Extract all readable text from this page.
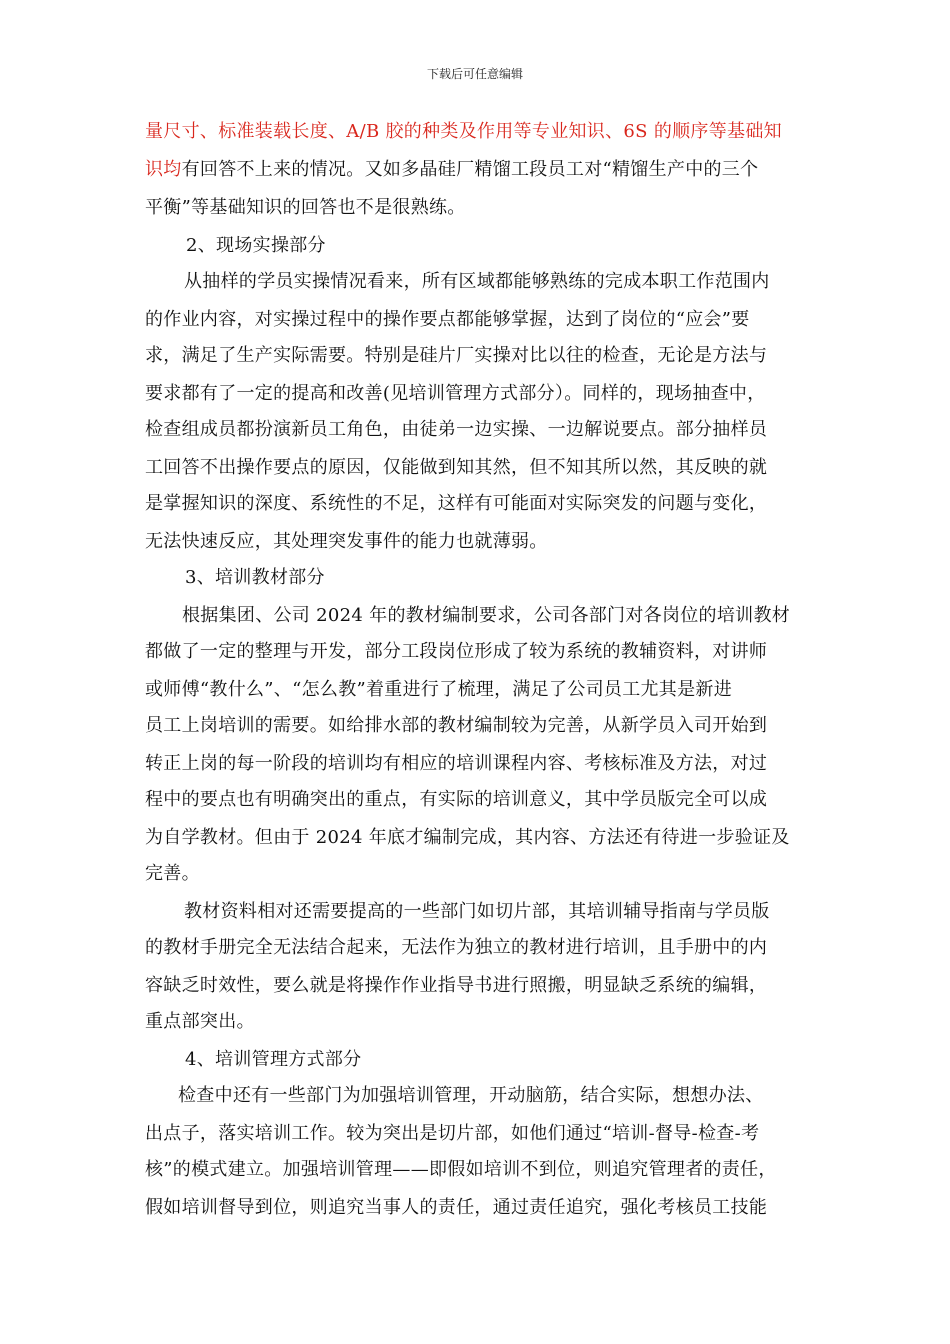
下载后可任意编辑
量尺寸、标准装载长度、A/B 胶的种类及作用等专业知识、6S 的顺序等基础知
识均有回答不上来的情况。又如多晶硅厂精馏工段员工对“精馏生产中的三个
平衡”等基础知识的回答也不是很熟练。
2、现场实操部分
从抽样的学员实操情况看来，所有区域都能够熟练的完成本职工作范围内
的作业内容，对实操过程中的操作要点都能够掌握，达到了岗位的“应会”要
求，满足了生产实际需要。特别是硅片厂实操对比以往的检查，无论是方法与
要求都有了一定的提高和改善(见培训管理方式部分）。同样的，现场抽查中，
检查组成员都扮演新员工角色，由徒弟一边实操、一边解说要点。部分抽样员
工回答不出操作要点的原因，仅能做到知其然，但不知其所以然，其反映的就
是掌握知识的深度、系统性的不足，这样有可能面对实际突发的问题与变化，
无法快速反应，其处理突发事件的能力也就薄弱。
3、培训教材部分
根据集团、公司 2024 年的教材编制要求，公司各部门对各岗位的培训教材
都做了一定的整理与开发，部分工段岗位形成了较为系统的教辅资料，对讲师
或师傅“教什么”、“怎么教”着重进行了梳理，满足了公司员工尤其是新进
员工上岗培训的需要。如给排水部的教材编制较为完善，从新学员入司开始到
转正上岗的每一阶段的培训均有相应的培训课程内容、考核标准及方法，对过
程中的要点也有明确突出的重点，有实际的培训意义，其中学员版完全可以成
为自学教材。但由于 2024 年底才编制完成，其内容、方法还有待进一步验证及
完善。
教材资料相对还需要提高的一些部门如切片部，其培训辅导指南与学员版
的教材手册完全无法结合起来，无法作为独立的教材进行培训，且手册中的内
容缺乏时效性，要么就是将操作作业指导书进行照搬，明显缺乏系统的编辑，
重点部突出。
4、培训管理方式部分
检查中还有一些部门为加强培训管理，开动脑筋，结合实际，想想办法、
出点子，落实培训工作。较为突出是切片部，如他们通过“培训-督导-检查-考
核”的模式建立。加强培训管理——即假如培训不到位，则追究管理者的责任，
假如培训督导到位，则追究当事人的责任，通过责任追究，强化考核员工技能
